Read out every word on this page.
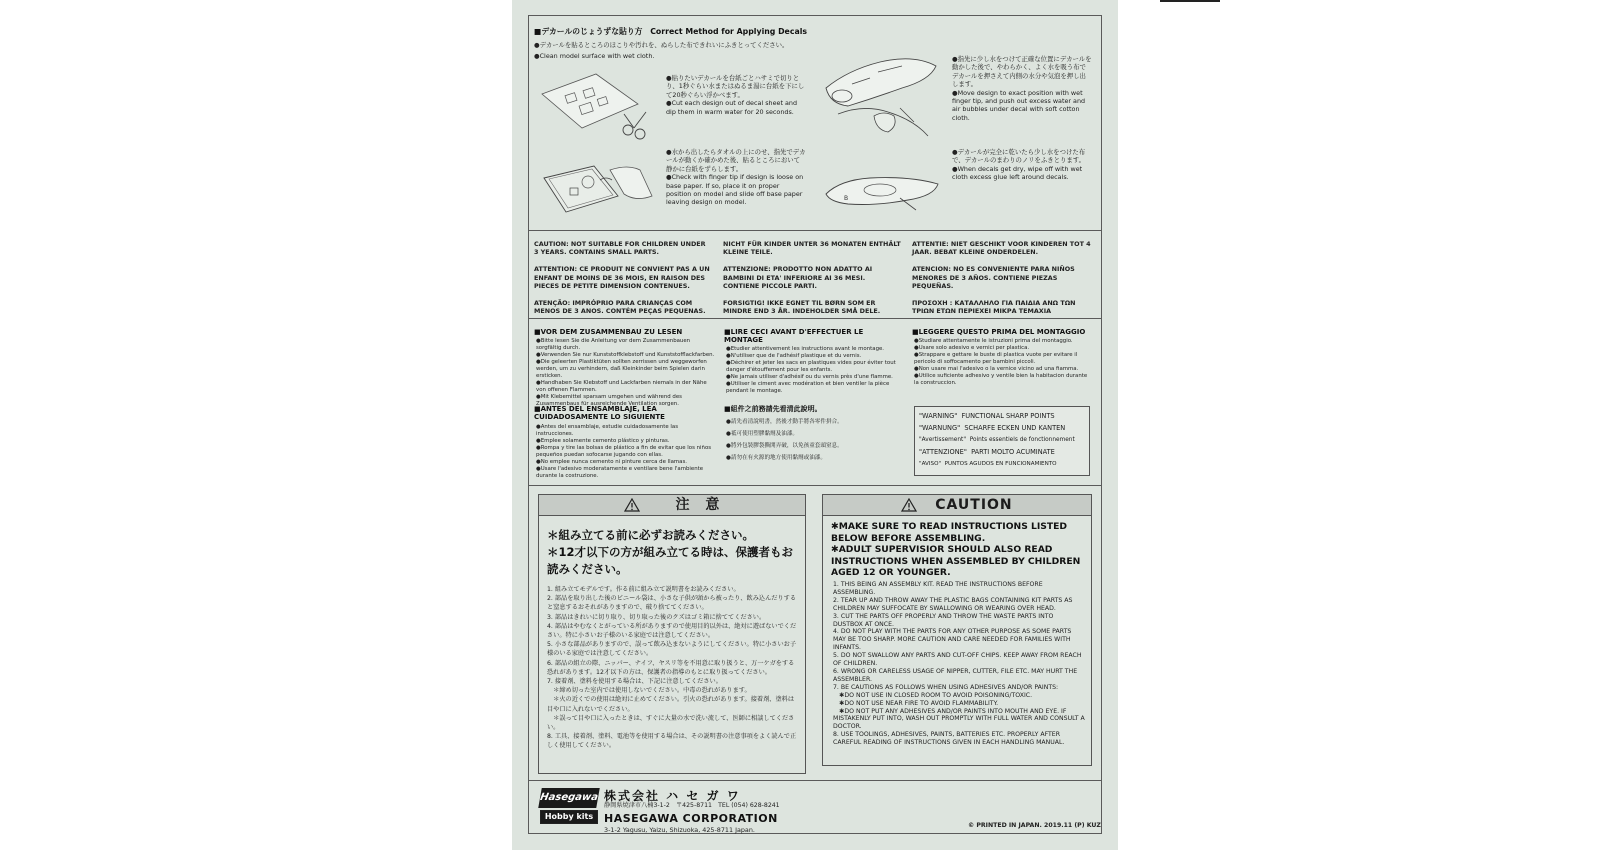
■デカールのじょうずな貼り方　Correct Method for Applying Decals
●デカールを貼るところのほこりや汚れを、ぬらした布できれいにふきとってください。
●Clean model surface with wet cloth.
●貼りたいデカールを台紙ごとハサミで切りとり、1秒ぐらい水またはぬるま湯に台紙を下にして20秒ぐらい浮かべます。
●Cut each design out of decal sheet and dip them in warm water for 20 seconds.
●水から出したらタオルの上にのせ、指先でデカールが動くか確かめた後、貼るところにおいて静かに台紙をずらします。
●Check with finger tip if design is loose on base paper. If so, place it on proper position on model and slide off base paper leaving design on model.
●指先に少し水をつけて正確な位置にデカールを動かした後で、やわらかく、よく水を吸う布でデカールを押さえて内側の水分や気泡を押し出します。
●Move design to exact position with wet finger tip, and push out excess water and air bubbles under decal with soft cotton cloth.
●デカールが完全に乾いたら少し水をつけた布で、デカールのまわりのノリをふきとります。
●When decals get dry, wipe off with wet cloth excess glue left around decals.
B
CAUTION: NOT SUITABLE FOR CHILDREN UNDER 3 YEARS. CONTAINS SMALL PARTS.

ATTENTION: CE PRODUIT NE CONVIENT PAS A UN ENFANT DE MOINS DE 36 MOIS, EN RAISON DES PIECES DE PETITE DIMENSION CONTENUES.

ATENÇÃO: IMPRÓPRIO PARA CRIANÇAS COM MENOS DE 3 ANOS. CONTÉM PEÇAS PEQUENAS.
NICHT FÜR KINDER UNTER 36 MONATEN ENTHÄLT KLEINE TEILE.

ATTENZIONE: PRODOTTO NON ADATTO AI BAMBINI DI ETA' INFERIORE AI 36 MESI. CONTIENE PICCOLE PARTI.

FORSIGTIG! IKKE EGNET TIL BØRN SOM ER MINDRE END 3 ÅR. INDEHOLDER SMÅ DELE.
ATTENTIE: NIET GESCHIKT VOOR KINDEREN TOT 4 JAAR. BEBAT KLEINE ONDERDELEN.

ATENCION: NO ES CONVENIENTE PARA NIÑOS MENORES DE 3 AÑOS. CONTIENE PIEZAS PEQUEÑAS.

ΠΡΟΣΟΧΗ : ΚΑΤΑΛΛΗΛΟ ΓΙΑ ΠΑΙΔΙΑ ΑΝΩ ΤΩΝ ΤΡΙΩΝ ΕΤΩΝ ΠΕΡΙΕΧΕΙ ΜΙΚΡΑ ΤΕΜΑΧΙΑ
■VOR DEM ZUSAMMENBAU ZU LESEN
●Bitte lesen Sie die Anleitung vor dem Zusammenbauen sorgfältig durch.
●Verwenden Sie nur Kunststoffklebstoff und Kunststofflackfarben.
●Die geleerten Plastiktüten sollten zerrissen und weggeworfen werden, um zu verhindern, daß Kleinkinder beim Spielen darin ersticken.
●Handhaben Sie Klebstoff und Lackfarben niemals in der Nähe von offenen Flammen.
●Mit Klebemittel sparsam umgehen und während des Zusammenbaus für ausreichende Ventilation sorgen.
■LIRE CECI AVANT D'EFFECTUER LE MONTAGE
●Etudier attentivement les instructions avant le montage.
●N'utiliser que de l'adhésif plastique et du vernis.
●Déchirer et jeter les sacs en plastiques vides pour éviter tout danger d'étouffement pour les enfants.
●Ne jamais utiliser d'adhésif ou du vernis près d'une flamme.
●Utiliser le ciment avec modération et bien ventiler la pièce pendant le montage.
■LEGGERE QUESTO PRIMA DEL MONTAGGIO
●Studiare attentamente le istruzioni prima del montaggio.
●Usare solo adesivo e vernici per plastica.
●Strappare e gettare le buste di plastica vuote per evitare il pericolo di soffocamento per bambini piccoli.
●Non usare mai l'adesivo o la vernice vicino ad una fiamma.
●Utilice suficiente adhesivo y ventile bien la habitacion durante la construccion.
■ANTES DEL ENSAMBLAJE, LEA CUIDADOSAMENTE LO SIGUIENTE
●Antes del ensamblaje, estudie cuidadosamente las instrucciones.
●Emplee solamente cemento plástico y pinturas.
●Rompa y tire las bolsas de plástico a fin de evitar que los niños pequeños puedan sofocarse jugando con ellas.
●No emplee nunca cemento ni pinture cerca de llamas.
●Usare l'adesivo moderatamente e ventilare bene l'ambiente durante la costruzione.
■組件之前務請先看清此說明。
●請先看清說明書，然後才動手將各零件拼合。
●祗可使用塑膠黏劑及油漆。
●將外包裝膠袋撕開弄破，以免孩童套頭窒息。
●請勿在有火源的地方使用黏劑或油漆。
"WARNING" FUNCTIONAL SHARP POINTS
"WARNUNG" SCHARFE ECKEN UND KANTEN
"Avertissement" Points essentiels de fonctionnement
"ATTENZIONE" PARTI MOLTO ACUMINATE
"AVISO" PUNTOS AGUDOS EN FUNCIONAMIENTO
注　意
＊組み立てる前に必ずお読みください。
＊12才以下の方が組み立てる時は、保護者もお読みください。
1. 組み立てモデルです。作る前に組み立て説明書をお読みください。
2. 部品を取り出した後のビニール袋は、小さな子供が頭から被ったり、飲み込んだりすると窒息するおそれがありますので、破り捨ててください。
3. 部品はきれいに切り取り、切り取った後のクズはゴミ箱に捨ててください。
4. 部品はやむなくとがっている所がありますので使用目的以外は、絶対に遊ばないでください。特に小さいお子様のいる家庭では注意してください。
5. 小さな部品がありますので、誤って飲み込まないようにしてください。特に小さいお子様のいる家庭では注意してください。
6. 部品の組立の際、ニッパー、ナイフ、ヤスリ等を不用意に取り扱うと、万一ケガをする恐れがあります。12才以下の方は、保護者の指導のもとに取り扱ってください。
7. 接着剤、塗料を使用する場合は、下記に注意してください。
　＊締め切った室内では使用しないでください。中毒の恐れがあります。
　＊火の近くでの使用は絶対に止めてください。引火の恐れがあります。接着剤、塗料は目や口に入れないでください。
　＊誤って目や口に入ったときは、すぐに大量の水で洗い流して、医師に相談してください。
8. 工具、接着剤、塗料、電池等を使用する場合は、その説明書の注意事項をよく読んで正しく使用してください。
CAUTION
✱MAKE SURE TO READ INSTRUCTIONS LISTED BELOW BEFORE ASSEMBLING.
✱ADULT SUPERVISIOR SHOULD ALSO READ INSTRUCTIONS WHEN ASSEMBLED BY CHILDREN AGED 12 OR YOUNGER.
1. THIS BEING AN ASSEMBLY KIT. READ THE INSTRUCTIONS BEFORE ASSEMBLING.
2. TEAR UP AND THROW AWAY THE PLASTIC BAGS CONTAINING KIT PARTS AS CHILDREN MAY SUFFOCATE BY SWALLOWING OR WEARING OVER HEAD.
3. CUT THE PARTS OFF PROPERLY AND THROW THE WASTE PARTS INTO DUSTBOX AT ONCE.
4. DO NOT PLAY WITH THE PARTS FOR ANY OTHER PURPOSE AS SOME PARTS MAY BE TOO SHARP. MORE CAUTION AND CARE NEEDED FOR FAMILIES WITH INFANTS.
5. DO NOT SWALLOW ANY PARTS AND CUT-OFF CHIPS. KEEP AWAY FROM REACH OF CHILDREN.
6. WRONG OR CARELESS USAGE OF NIPPER, CUTTER, FILE ETC. MAY HURT THE ASSEMBLER.
7. BE CAUTIONS AS FOLLOWS WHEN USING ADHESIVES AND/OR PAINTS:
　✱DO NOT USE IN CLOSED ROOM TO AVOID POISONING/TOXIC.
　✱DO NOT USE NEAR FIRE TO AVOID FLAMMABILITY.
　✱DO NOT PUT ANY ADHESIVES AND/OR PAINTS INTO MOUTH AND EYE. IF MISTAKENLY PUT INTO, WASH OUT PROMPTLY WITH FULL WATER AND CONSULT A DOCTOR.
8. USE TOOLINGS, ADHESIVES, PAINTS, BATTERIES ETC. PROPERLY AFTER CAREFUL READING OF INSTRUCTIONS GIVEN IN EACH HANDLING MANUAL.
Hasegawa
Hobby kits
株式会社 ハ セ ガ ワ
静岡県焼津市八楠3-1-2　〒425-8711　TEL (054) 628-8241
HASEGAWA CORPORATION
3-1-2 Yagusu, Yaizu, Shizuoka, 425-8711 Japan.
© PRINTED IN JAPAN. 2019.11 (P) KUZ
